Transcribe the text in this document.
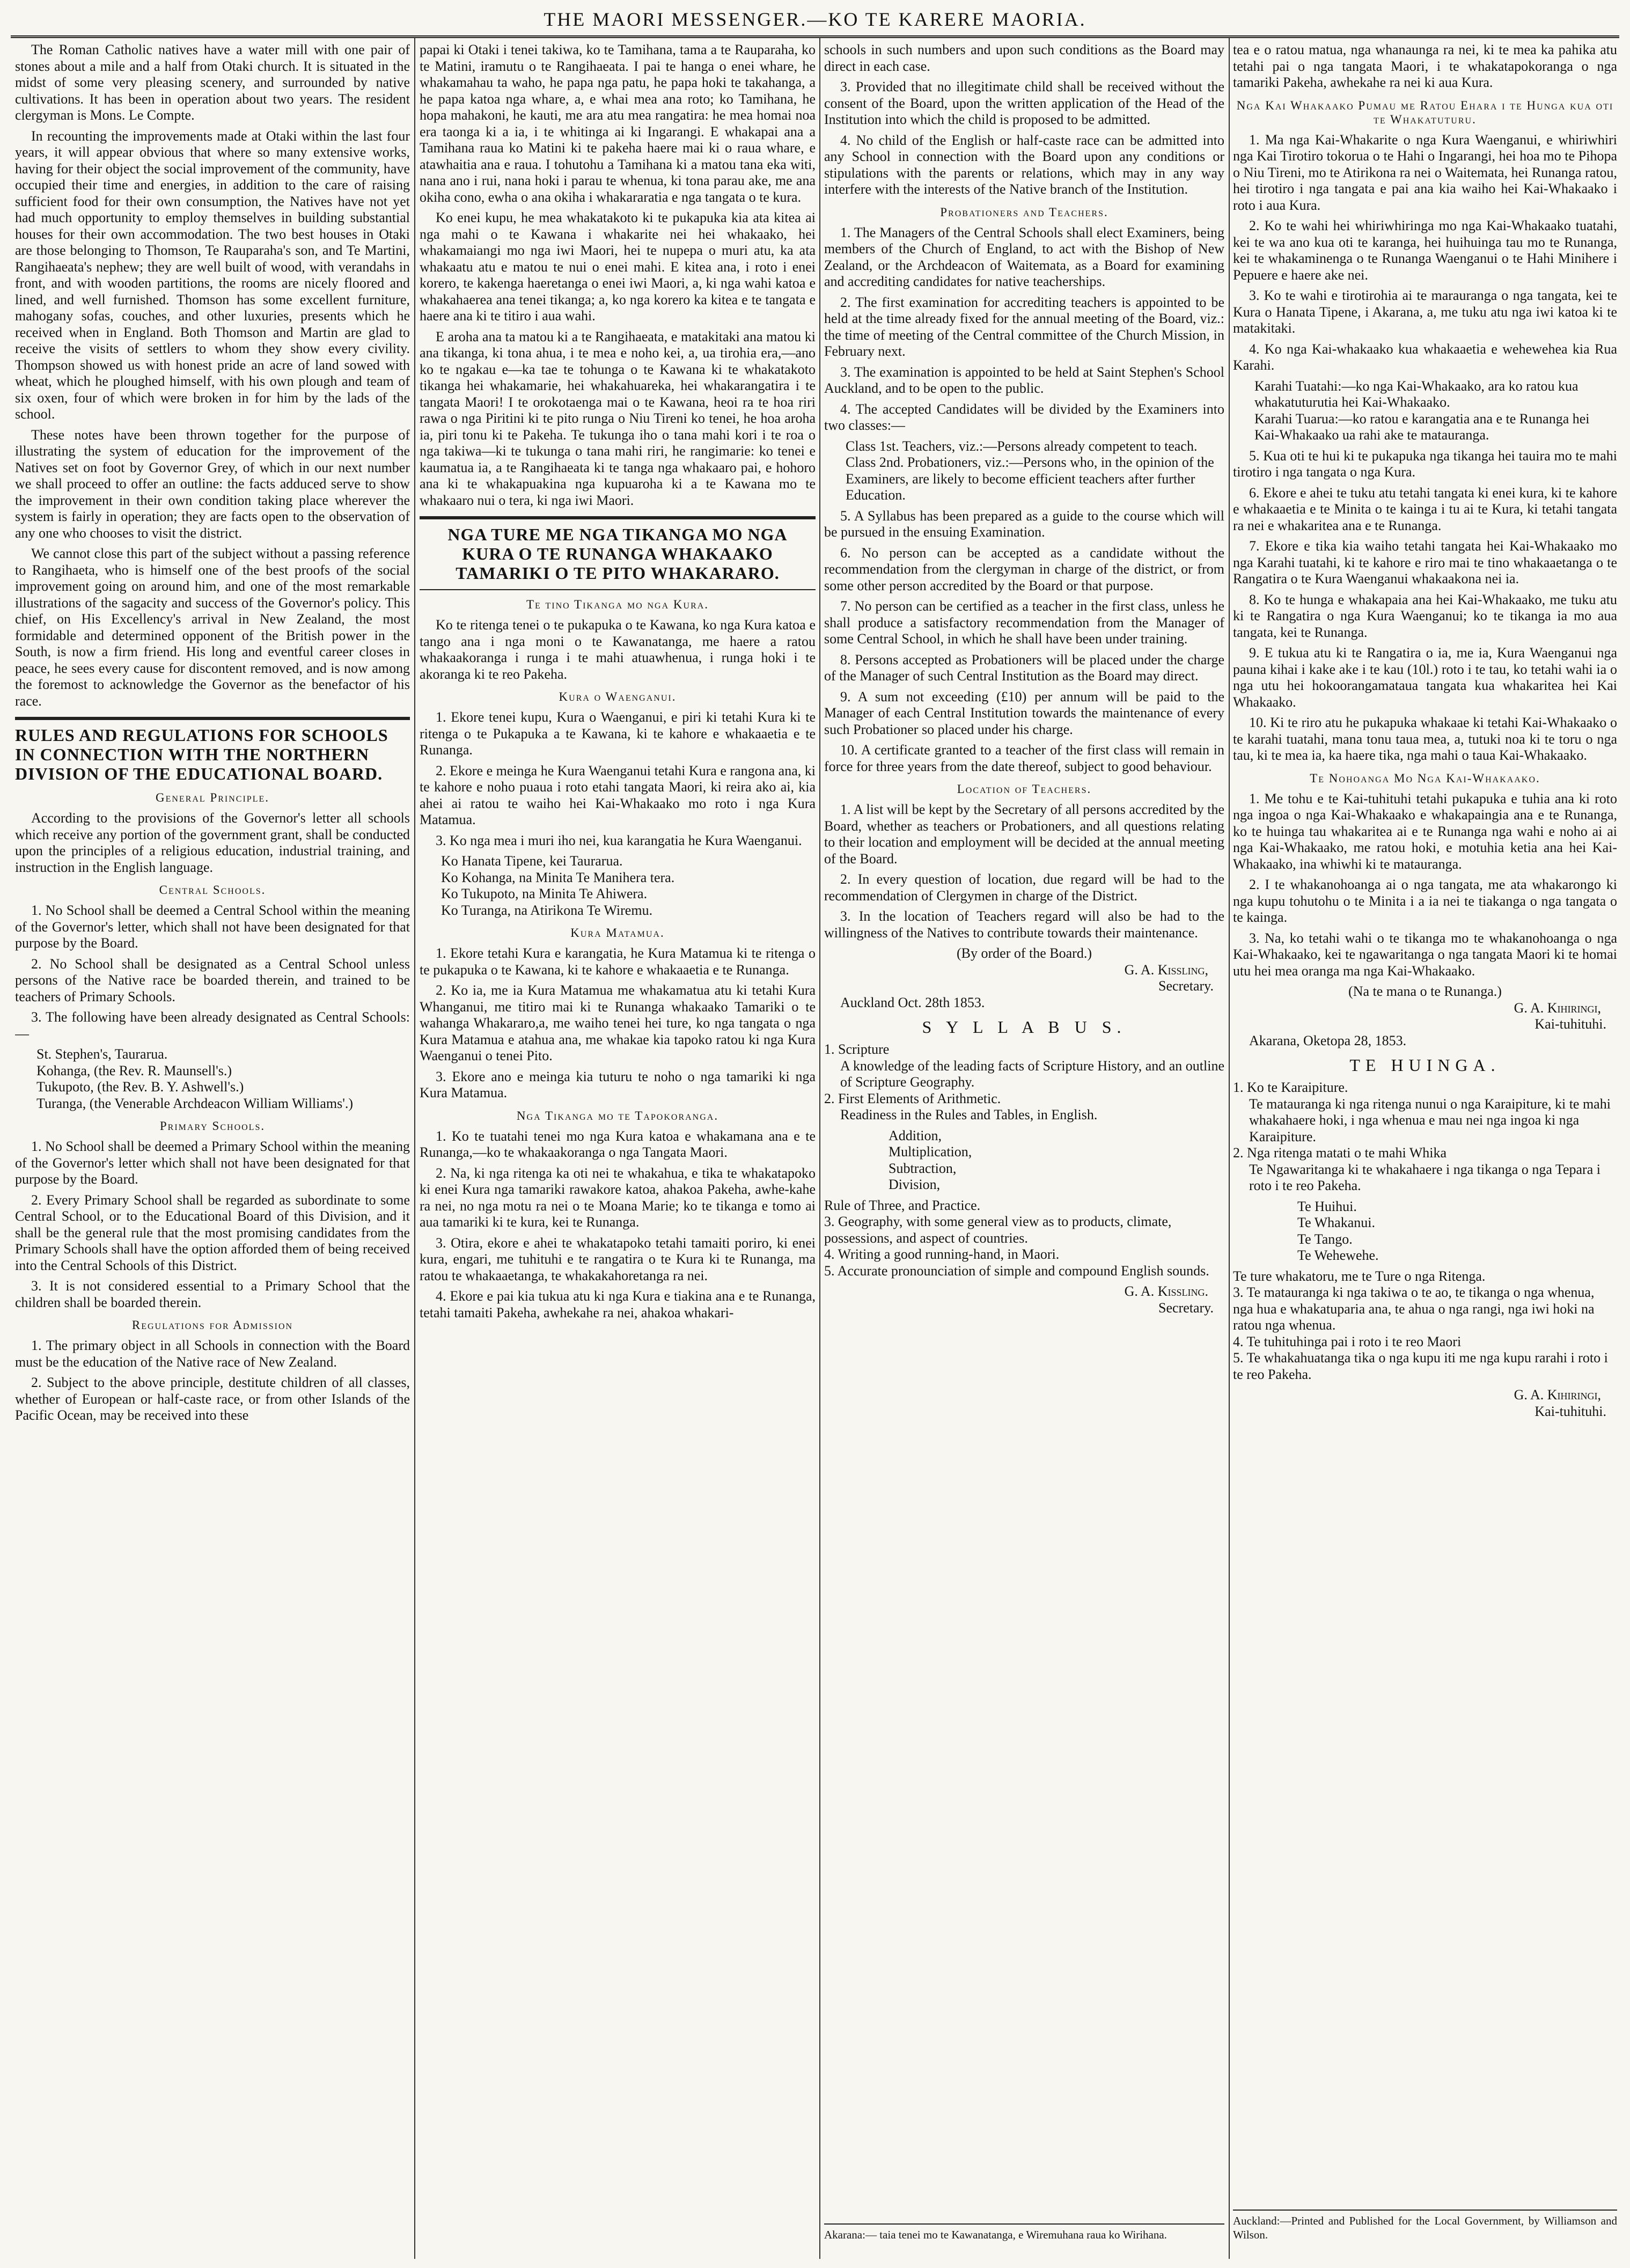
THE MAORI MESSENGER.—KO TE KARERE MAORIA.

The Roman Catholic natives have a water mill with one pair of stones about a mile and a half from Otaki church. It is situated in the midst of some very pleasing scenery, and surrounded by native cultivations. It has been in operation about two years. The resident clergyman is Mons. Le Compte.

In recounting the improvements made at Otaki within the last four years, it will appear obvious that where so many extensive works, having for their object the social improvement of the community, have occupied their time and energies, in addition to the care of raising sufficient food for their own consumption, the Natives have not yet had much opportunity to employ themselves in building substantial houses for their own accommodation. The two best houses in Otaki are those belonging to Thomson, Te Rauparaha's son, and Te Martini, Rangihaeata's nephew; they are well built of wood, with verandahs in front, and with wooden partitions, the rooms are nicely floored and lined, and well furnished. Thomson has some excellent furniture, mahogany sofas, couches, and other luxuries, presents which he received when in England. Both Thomson and Martin are glad to receive the visits of settlers to whom they show every civility. Thompson showed us with honest pride an acre of land sowed with wheat, which he ploughed himself, with his own plough and team of six oxen, four of which were broken in for him by the lads of the school.

These notes have been thrown together for the purpose of illustrating the system of education for the improvement of the Natives set on foot by Governor Grey, of which in our next number we shall proceed to offer an outline: the facts adduced serve to show the improvement in their own condition taking place wherever the system is fairly in operation; they are facts open to the observation of any one who chooses to visit the district.

We cannot close this part of the subject without a passing reference to Rangihaeta, who is himself one of the best proofs of the social improvement going on around him, and one of the most remarkable illustrations of the sagacity and success of the Governor's policy. This chief, on His Excellency's arrival in New Zealand, the most formidable and determined opponent of the British power in the South, is now a firm friend. His long and eventful career closes in peace, he sees every cause for discontent removed, and is now among the foremost to acknowledge the Governor as the benefactor of his race.

RULES AND REGULATIONS FOR SCHOOLS IN CONNECTION WITH THE NORTHERN DIVISION OF THE EDUCATIONAL BOARD.
General Principle.

According to the provisions of the Governor's letter all schools which receive any portion of the government grant, shall be conducted upon the principles of a religious education, industrial training, and instruction in the English language.

Central Schools.

1. No School shall be deemed a Central School within the meaning of the Governor's letter, which shall not have been designated for that purpose by the Board.

2. No School shall be designated as a Central School unless persons of the Native race be boarded therein, and trained to be teachers of Primary Schools.

3. The following have been already designated as Central Schools:—

St. Stephen's, Taurarua.
Kohanga, (the Rev. R. Maunsell's.)
Tukupoto, (the Rev. B. Y. Ashwell's.)
Turanga, (the Venerable Archdeacon William Williams'.)
Primary Schools.

1. No School shall be deemed a Primary School within the meaning of the Governor's letter which shall not have been designated for that purpose by the Board.

2. Every Primary School shall be regarded as subordinate to some Central School, or to the Educational Board of this Division, and it shall be the general rule that the most promising candidates from the Primary Schools shall have the option afforded them of being received into the Central Schools of this District.

3. It is not considered essential to a Primary School that the children shall be boarded therein.

Regulations for Admission

1. The primary object in all Schools in connection with the Board must be the education of the Native race of New Zealand.

2. Subject to the above principle, destitute children of all classes, whether of European or half-caste race, or from other Islands of the Pacific Ocean, may be received into these

papai ki Otaki i tenei takiwa, ko te Tamihana, tama a te Rauparaha, ko te Matini, iramutu o te Rangihaeata. I pai te hanga o enei whare, he whakamahau ta waho, he papa nga patu, he papa hoki te takahanga, a he papa katoa nga whare, a, e whai mea ana roto; ko Tamihana, he hopa mahakoni, he kauti, me ara atu mea rangatira: he mea homai noa era taonga ki a ia, i te whitinga ai ki Ingarangi. E whakapai ana a Tamihana raua ko Matini ki te pakeha haere mai ki o raua whare, e atawhaitia ana e raua. I tohutohu a Tamihana ki a matou tana eka witi, nana ano i rui, nana hoki i parau te whenua, ki tona parau ake, me ana okiha cono, ewha o ana okiha i whakararatia e nga tangata o te kura.

Ko enei kupu, he mea whakatakoto ki te pukapuka kia ata kitea ai nga mahi o te Kawana i whakarite nei hei whakaako, hei whakamaiangi mo nga iwi Maori, hei te nupepa o muri atu, ka ata whakaatu atu e matou te nui o enei mahi. E kitea ana, i roto i enei korero, te kakenga haeretanga o enei iwi Maori, a, ki nga wahi katoa e whakahaerea ana tenei tikanga; a, ko nga korero ka kitea e te tangata e haere ana ki te titiro i aua wahi.

E aroha ana ta matou ki a te Rangihaeata, e matakitaki ana matou ki ana tikanga, ki tona ahua, i te mea e noho kei, a, ua tirohia era,—ano ko te ngakau e—ka tae te tohunga o te Kawana ki te whakatakoto tikanga hei whakamarie, hei whakahuareka, hei whakarangatira i te tangata Maori! I te orokotaenga mai o te Kawana, heoi ra te hoa riri rawa o nga Piritini ki te pito runga o Niu Tireni ko tenei, he hoa aroha ia, piri tonu ki te Pakeha. Te tukunga iho o tana mahi kori i te roa o nga takiwa—ki te tukunga o tana mahi riri, he rangimarie: ko tenei e kaumatua ia, a te Rangihaeata ki te tanga nga whakaaro pai, e hohoro ana ki te whakapuakina nga kupuaroha ki a te Kawana mo te whakaaro nui o tera, ki nga iwi Maori.

NGA TURE ME NGA TIKANGA MO NGA KURA O TE RUNANGA WHAKAAKO TAMARIKI O TE PITO WHAKARARO.
Te tino Tikanga mo nga Kura.

Ko te ritenga tenei o te pukapuka o te Kawana, ko nga Kura katoa e tango ana i nga moni o te Kawanatanga, me haere a ratou whakaakoranga i runga i te mahi atuawhenua, i runga hoki i te akoranga ki te reo Pakeha.

Kura o Waenganui.

1. Ekore tenei kupu, Kura o Waenganui, e piri ki tetahi Kura ki te ritenga o te Pukapuka a te Kawana, ki te kahore e whakaaetia e te Runanga.

2. Ekore e meinga he Kura Waenganui tetahi Kura e rangona ana, ki te kahore e noho puaua i roto etahi tangata Maori, ki reira ako ai, kia ahei ai ratou te waiho hei Kai-Whakaako mo roto i nga Kura Matamua.

3. Ko nga mea i muri iho nei, kua karangatia he Kura Waenganui.

Ko Hanata Tipene, kei Taurarua.
Ko Kohanga, na Minita Te Manihera tera.
Ko Tukupoto, na Minita Te Ahiwera.
Ko Turanga, na Atirikona Te Wiremu.
Kura Matamua.

1. Ekore tetahi Kura e karangatia, he Kura Matamua ki te ritenga o te pukapuka o te Kawana, ki te kahore e whakaaetia e te Runanga.

2. Ko ia, me ia Kura Matamua me whakamatua atu ki tetahi Kura Whanganui, me titiro mai ki te Runanga whakaako Tamariki o te wahanga Whakararo,a, me waiho tenei hei ture, ko nga tangata o nga Kura Matamua e atahua ana, me whakae kia tapoko ratou ki nga Kura Waenganui o tenei Pito.

3. Ekore ano e meinga kia tuturu te noho o nga tamariki ki nga Kura Matamua.

Nga Tikanga mo te Tapokoranga.

1. Ko te tuatahi tenei mo nga Kura katoa e whakamana ana e te Runanga,—ko te whakaakoranga o nga Tangata Maori.

2. Na, ki nga ritenga ka oti nei te whakahua, e tika te whakatapoko ki enei Kura nga tamariki rawakore katoa, ahakoa Pakeha, awhe-kahe ra nei, no nga motu ra nei o te Moana Marie; ko te tikanga e tomo ai aua tamariki ki te kura, kei te Runanga.

3. Otira, ekore e ahei te whakatapoko tetahi tamaiti poriro, ki enei kura, engari, me tuhituhi e te rangatira o te Kura ki te Runanga, ma ratou te whakaaetanga, te whakakahoretanga ra nei.

4. Ekore e pai kia tukua atu ki nga Kura e tiakina ana e te Runanga, tetahi tamaiti Pakeha, awhekahe ra nei, ahakoa whakari-

schools in such numbers and upon such conditions as the Board may direct in each case.

3. Provided that no illegitimate child shall be received without the consent of the Board, upon the written application of the Head of the Institution into which the child is proposed to be admitted.

4. No child of the English or half-caste race can be admitted into any School in connection with the Board upon any conditions or stipulations with the parents or relations, which may in any way interfere with the interests of the Native branch of the Institution.

Probationers and Teachers.

1. The Managers of the Central Schools shall elect Examiners, being members of the Church of England, to act with the Bishop of New Zealand, or the Archdeacon of Waitemata, as a Board for examining and accrediting candidates for native teacherships.

2. The first examination for accrediting teachers is appointed to be held at the time already fixed for the annual meeting of the Board, viz.: the time of meeting of the Central committee of the Church Mission, in February next.

3. The examination is appointed to be held at Saint Stephen's School Auckland, and to be open to the public.

4. The accepted Candidates will be divided by the Examiners into two classes:—

Class 1st. Teachers, viz.:—Persons already competent to teach.
Class 2nd. Probationers, viz.:—Persons who, in the opinion of the Examiners, are likely to become efficient teachers after further Education.

5. A Syllabus has been prepared as a guide to the course which will be pursued in the ensuing Examination.

6. No person can be accepted as a candidate without the recommendation from the clergyman in charge of the district, or from some other person accredited by the Board or that purpose.

7. No person can be certified as a teacher in the first class, unless he shall produce a satisfactory recommendation from the Manager of some Central School, in which he shall have been under training.

8. Persons accepted as Probationers will be placed under the charge of the Manager of such Central Institution as the Board may direct.

9. A sum not exceeding (£10) per annum will be paid to the Manager of each Central Institution towards the maintenance of every such Probationer so placed under his charge.

10. A certificate granted to a teacher of the first class will remain in force for three years from the date thereof, subject to good behaviour.

Location of Teachers.

1. A list will be kept by the Secretary of all persons accredited by the Board, whether as teachers or Probationers, and all questions relating to their location and employment will be decided at the annual meeting of the Board.

2. In every question of location, due regard will be had to the recommendation of Clergymen in charge of the District.

3. In the location of Teachers regard will also be had to the willingness of the Natives to contribute towards their maintenance.

(By order of the Board.)
G. A. Kissling,
Secretary.
Auckland Oct. 28th 1853.
S Y L L A B U S.
1. Scripture
A knowledge of the leading facts of Scripture History, and an outline of Scripture Geography.
2. First Elements of Arithmetic.
Readiness in the Rules and Tables, in English.
Addition,
Multiplication,
Subtraction,
Division,
Rule of Three, and Practice.
3. Geography, with some general view as to products, climate, possessions, and aspect of countries.
4. Writing a good running-hand, in Maori.
5. Accurate pronounciation of simple and compound English sounds.
G. A. Kissling.
Secretary.
Akarana:— taia tenei mo te Kawanatanga, e Wiremuhana raua ko Wirihana.

tea e o ratou matua, nga whanaunga ra nei, ki te mea ka pahika atu tetahi pai o nga tangata Maori, i te whakatapokoranga o nga tamariki Pakeha, awhekahe ra nei ki aua Kura.

Nga Kai Whakaako Pumau me Ratou Ehara i te Hunga kua oti te Whakatuturu.

1. Ma nga Kai-Whakarite o nga Kura Waenganui, e whiriwhiri nga Kai Tirotiro tokorua o te Hahi o Ingarangi, hei hoa mo te Pihopa o Niu Tireni, mo te Atirikona ra nei o Waitemata, hei Runanga ratou, hei tirotiro i nga tangata e pai ana kia waiho hei Kai-Whakaako i roto i aua Kura.

2. Ko te wahi hei whiriwhiringa mo nga Kai-Whakaako tuatahi, kei te wa ano kua oti te karanga, hei huihuinga tau mo te Runanga, kei te whakaminenga o te Runanga Waenganui o te Hahi Minihere i Pepuere e haere ake nei.

3. Ko te wahi e tirotirohia ai te marauranga o nga tangata, kei te Kura o Hanata Tipene, i Akarana, a, me tuku atu nga iwi katoa ki te matakitaki.

4. Ko nga Kai-whakaako kua whakaaetia e wehewehea kia Rua Karahi.

Karahi Tuatahi:—ko nga Kai-Whakaako, ara ko ratou kua whakatuturutia hei Kai-Whakaako.
Karahi Tuarua:—ko ratou e karangatia ana e te Runanga hei Kai-Whakaako ua rahi ake te matauranga.

5. Kua oti te hui ki te pukapuka nga tikanga hei tauira mo te mahi tirotiro i nga tangata o nga Kura.

6. Ekore e ahei te tuku atu tetahi tangata ki enei kura, ki te kahore e whakaaetia e te Minita o te kainga i tu ai te Kura, ki tetahi tangata ra nei e whakaritea ana e te Runanga.

7. Ekore e tika kia waiho tetahi tangata hei Kai-Whakaako mo nga Karahi tuatahi, ki te kahore e riro mai te tino whakaaetanga o te Rangatira o te Kura Waenganui whakaakona nei ia.

8. Ko te hunga e whakapaia ana hei Kai-Whakaako, me tuku atu ki te Rangatira o nga Kura Waenganui; ko te tikanga ia mo aua tangata, kei te Runanga.

9. E tukua atu ki te Rangatira o ia, me ia, Kura Waenganui nga pauna kihai i kake ake i te kau (10l.) roto i te tau, ko tetahi wahi ia o nga utu hei hokoorangamataua tangata kua whakaritea hei Kai Whakaako.

10. Ki te riro atu he pukapuka whakaae ki tetahi Kai-Whakaako o te karahi tuatahi, mana tonu taua mea, a, tutuki noa ki te toru o nga tau, ki te mea ia, ka haere tika, nga mahi o taua Kai-Whakaako.

Te Nohoanga Mo Nga Kai-Whakaako.

1. Me tohu e te Kai-tuhituhi tetahi pukapuka e tuhia ana ki roto nga ingoa o nga Kai-Whakaako e whakapaingia ana e te Runanga, ko te huinga tau whakaritea ai e te Runanga nga wahi e noho ai ai nga Kai-Whakaako, me ratou hoki, e motuhia ketia ana hei Kai-Whakaako, ina whiwhi ki te matauranga.

2. I te whakanohoanga ai o nga tangata, me ata whakarongo ki nga kupu tohutohu o te Minita i a ia nei te tiakanga o nga tangata o te kainga.

3. Na, ko tetahi wahi o te tikanga mo te whakanohoanga o nga Kai-Whakaako, kei te ngawaritanga o nga tangata Maori ki te homai utu hei mea oranga ma nga Kai-Whakaako.

(Na te mana o te Runanga.)
G. A. Kihiringi,
Kai-tuhituhi.
Akarana, Oketopa 28, 1853.
TE HUINGA.
1. Ko te Karaipiture.
Te matauranga ki nga ritenga nunui o nga Karaipiture, ki te mahi whakahaere hoki, i nga whenua e mau nei nga ingoa ki nga Karaipiture.
2. Nga ritenga matati o te mahi Whika
Te Ngawaritanga ki te whakahaere i nga tikanga o nga Tepara i roto i te reo Pakeha.
Te Huihui.
Te Whakanui.
Te Tango.
Te Wehewehe.
Te ture whakatoru, me te Ture o nga Ritenga.
3. Te matauranga ki nga takiwa o te ao, te tikanga o nga whenua, nga hua e whakatuparia ana, te ahua o nga rangi, nga iwi hoki na ratou nga whenua.
4. Te tuhituhinga pai i roto i te reo Maori
5. Te whakahuatanga tika o nga kupu iti me nga kupu rarahi i roto i te reo Pakeha.
G. A. Kihiringi,
Kai-tuhituhi.
Auckland:—Printed and Published for the Local Government, by Williamson and Wilson.
